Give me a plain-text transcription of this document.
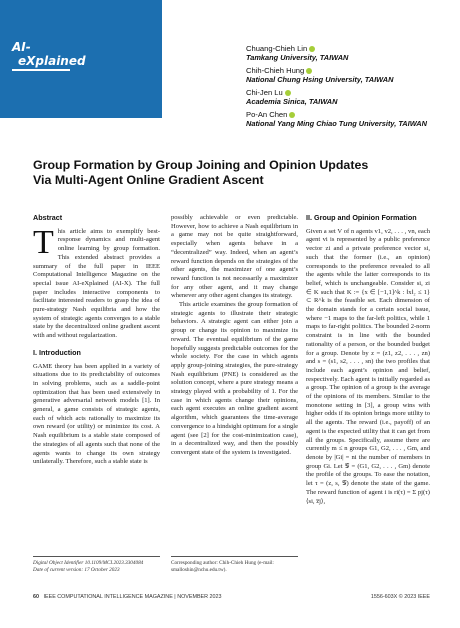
AI-
eXplained
Chuang-Chieh Lin
Tamkang University, TAIWAN
Chih-Chieh Hung
National Chung Hsing University, TAIWAN
Chi-Jen Lu
Academia Sinica, TAIWAN
Po-An Chen
National Yang Ming Chiao Tung University, TAIWAN
Group Formation by Group Joining and Opinion Updates
Via Multi-Agent Online Gradient Ascent
Abstract

This article aims to exemplify best-response dynamics and multi-agent online learning by group formation. This extended abstract provides a summary of the full paper in IEEE Computational Intelligence Magazine on the special issue AI-eXplained (AI-X). The full paper includes interactive components to facilitate interested readers to grasp the idea of pure-strategy Nash equilibria and how the system of strategic agents converges to a stable state by the decentralized online gradient ascent with and without regularization.

I. Introduction

GAME theory has been applied in a variety of situations due to its predictability of outcomes in solving problems, such as a saddle-point optimization that has been used extensively in generative adversarial network models [1]. In general, a game consists of strategic agents, each of which acts rationally to maximize its own reward (or utility) or minimize its cost. A Nash equilibrium is a stable state composed of the strategies of all agents such that none of the agents wants to change its own strategy unilaterally. Therefore, such a stable state is

possibly achievable or even predictable. However, how to achieve a Nash equilibrium in a game may not be quite straightforward, especially when agents behave in a “decentralized” way. Indeed, when an agent’s reward function depends on the strategies of the other agents, the maximizer of one agent’s reward function is not necessarily a maximizer for any other agent, and it may change whenever any other agent changes its strategy.

This article examines the group formation of strategic agents to illustrate their strategic behaviors. A strategic agent can either join a group or change its opinion to maximize its reward. The eventual equilibrium of the game hopefully suggests predictable outcomes for the whole society. For the case in which agents apply group-joining strategies, the pure-strategy Nash equilibrium (PNE) is considered as the solution concept, where a pure strategy means a strategy played with a probability of 1. For the case in which agents change their opinions, each agent executes an online gradient ascent algorithm, which guarantees the time-average convergence to a hindsight optimum for a single agent (see [2] for the cost-minimization case), in a decentralized way, and then the possibly convergent state of the system is investigated.

II. Group and Opinion Formation

Given a set V of n agents v1, v2, . . . , vn, each agent vi is represented by a public preference vector zi and a private preference vector si, such that the former (i.e., an opinion) corresponds to the preference revealed to all the agents while the latter corresponds to its belief, which is unchangeable. Consider si, zi ∈ K such that K := {x ∈ [−1,1]^k : ‖x‖₂ ≤ 1} ⊂ R^k is the feasible set. Each dimension of the domain stands for a certain social issue, where −1 maps to the far-left politics, while 1 maps to far-right politics. The bounded 2-norm constraint is in line with the bounded rationality of a person, or the bounded budget for a group. Denote by z = (z1, z2, . . . , zn) and s = (s1, s2, . . . , sn) the two profiles that include each agent’s opinion and belief, respectively. Each agent is initially regarded as a group. The opinion of a group is the average of the opinions of its members. Similar to the monotone setting in [3], a group wins with higher odds if its opinion brings more utility to all the agents. The reward (i.e., payoff) of an agent is the expected utility that it can get from all the groups. Specifically, assume there are currently m ≤ n groups G1, G2, . . . , Gm, and denote by |Gi| = ni the number of members in group Gi. Let 𝒢 = (G1, G2, . . . , Gm) denote the profile of the groups. To ease the notation, let τ = (z, s, 𝒢) denote the state of the game. The reward function of agent i is ri(τ) = Σ pj(τ)⟨si, z̅j⟩,

Digital Object Identifier 10.1109/MCI.2023.3304084
Date of current version: 17 October 2023
Corresponding author: Chih-Chieh Hung (e-mail:
smalloshin@nchu.edu.tw).
60 IEEE COMPUTATIONAL INTELLIGENCE MAGAZINE | NOVEMBER 2023	1556-603X © 2023 IEEE
